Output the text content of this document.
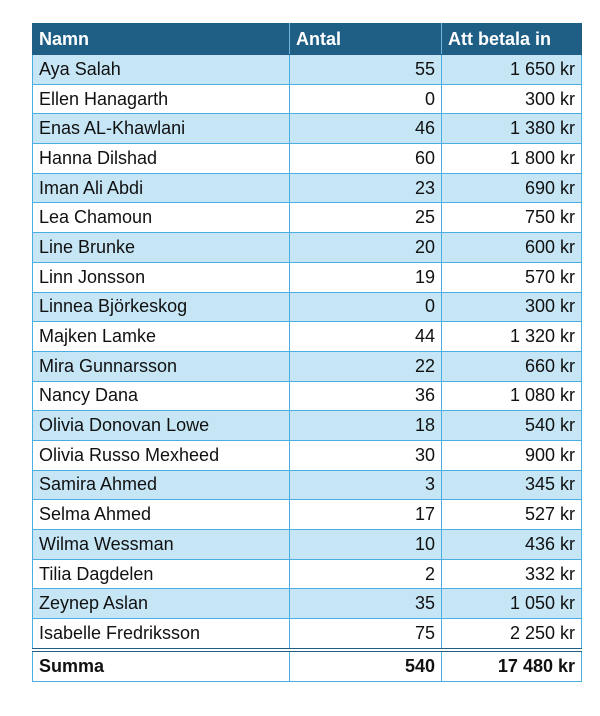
Namn	Antal	Att betala in
Aya Salah	55	1 650 kr
Ellen Hanagarth	0	300 kr
Enas AL-Khawlani	46	1 380 kr
Hanna Dilshad	60	1 800 kr
Iman Ali Abdi	23	690 kr
Lea Chamoun	25	750 kr
Line Brunke	20	600 kr
Linn Jonsson	19	570 kr
Linnea Björkeskog	0	300 kr
Majken Lamke	44	1 320 kr
Mira Gunnarsson	22	660 kr
Nancy Dana	36	1 080 kr
Olivia Donovan Lowe	18	540 kr
Olivia Russo Mexheed	30	900 kr
Samira Ahmed	3	345 kr
Selma Ahmed	17	527 kr
Wilma Wessman	10	436 kr
Tilia Dagdelen	2	332 kr
Zeynep Aslan	35	1 050 kr
Isabelle Fredriksson	75	2 250 kr
Summa	540	17 480 kr
